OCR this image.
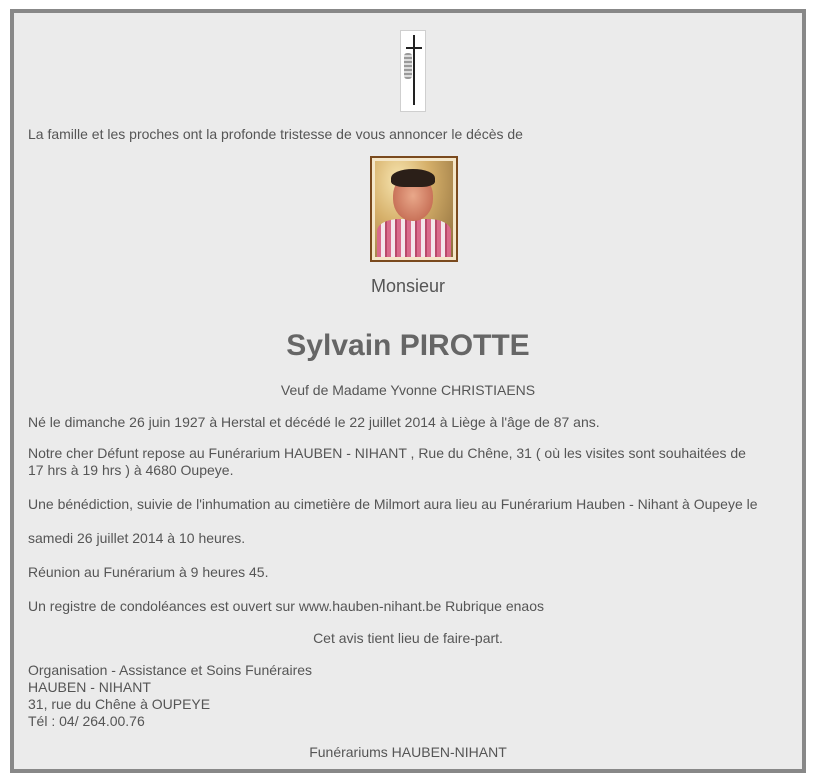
La famille et les proches ont la profonde tristesse de vous annoncer le décès de
Monsieur
Sylvain PIROTTE
Veuf de Madame Yvonne CHRISTIAENS
Né le dimanche 26 juin 1927 à Herstal et décédé le 22 juillet 2014 à Liège à l'âge de 87 ans.
Notre cher Défunt repose au Funérarium HAUBEN - NIHANT , Rue du Chêne, 31 ( où les visites sont souhaitées de
17 hrs à 19 hrs ) à 4680 Oupeye.
Une bénédiction, suivie de l'inhumation au cimetière de Milmort aura lieu au Funérarium Hauben - Nihant à Oupeye le
samedi 26 juillet 2014 à 10 heures.
Réunion au Funérarium à 9 heures 45.
Un registre de condoléances est ouvert sur www.hauben-nihant.be Rubrique enaos
Cet avis tient lieu de faire-part.
Organisation - Assistance et Soins Funéraires
HAUBEN - NIHANT
31, rue du Chêne à OUPEYE
Tél : 04/ 264.00.76
Funérariums HAUBEN-NIHANT
